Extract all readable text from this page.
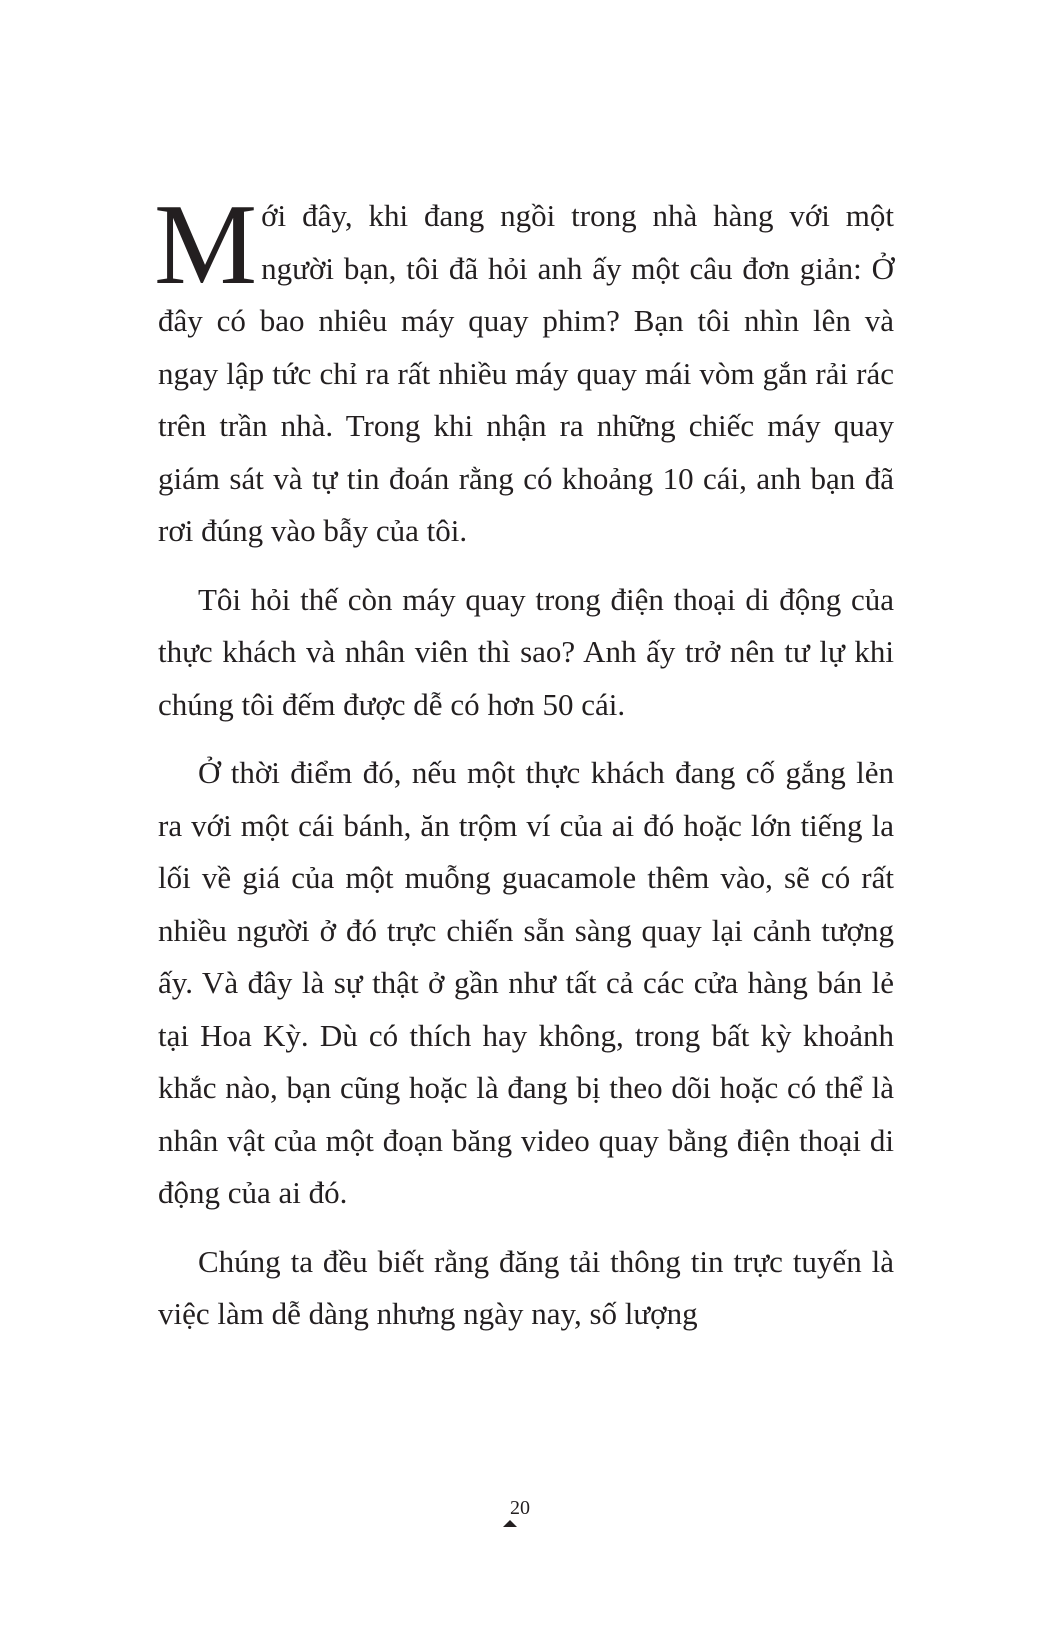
Mới đây, khi đang ngồi trong nhà hàng với một người bạn, tôi đã hỏi anh ấy một câu đơn giản: Ở đây có bao nhiêu máy quay phim? Bạn tôi nhìn lên và ngay lập tức chỉ ra rất nhiều máy quay mái vòm gắn rải rác trên trần nhà. Trong khi nhận ra những chiếc máy quay giám sát và tự tin đoán rằng có khoảng 10 cái, anh bạn đã rơi đúng vào bẫy của tôi.

Tôi hỏi thế còn máy quay trong điện thoại di động của thực khách và nhân viên thì sao? Anh ấy trở nên tư lự khi chúng tôi đếm được dễ có hơn 50 cái.

Ở thời điểm đó, nếu một thực khách đang cố gắng lẻn ra với một cái bánh, ăn trộm ví của ai đó hoặc lớn tiếng la lối về giá của một muỗng guacamole thêm vào, sẽ có rất nhiều người ở đó trực chiến sẵn sàng quay lại cảnh tượng ấy. Và đây là sự thật ở gần như tất cả các cửa hàng bán lẻ tại Hoa Kỳ. Dù có thích hay không, trong bất kỳ khoảnh khắc nào, bạn cũng hoặc là đang bị theo dõi hoặc có thể là nhân vật của một đoạn băng video quay bằng điện thoại di động của ai đó.

Chúng ta đều biết rằng đăng tải thông tin trực tuyến là việc làm dễ dàng nhưng ngày nay, số lượng

20
